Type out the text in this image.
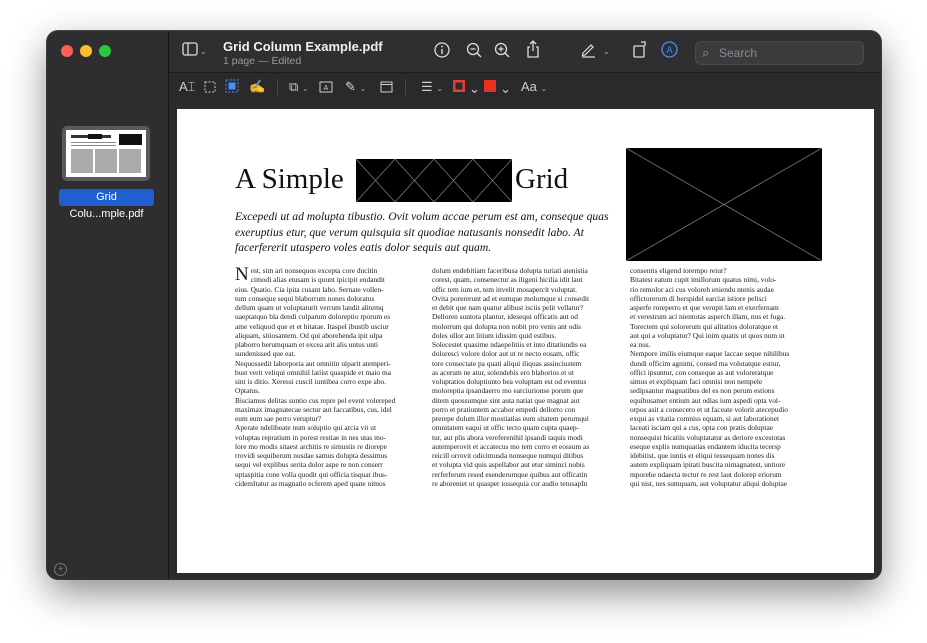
Grid Colu...mple.pdf
+
⌄ Grid Column Example.pdf
1 page — Edited
⌄	A ⌕ Search
A⌶	✍ ⧉ ⌄ A ✎ ⌄	☰ ⌄ ⌄ ⌄ Aa ⌄
A Simple	Grid
Excepedi ut ad molupta tibustio. Ovit volum accae perum est am, conseque quas exeruptius etur, que verum quisquia sit quodiae natusanis nonsedit labo. At facerfererit utaspero voles eatis dolor sequis aut quam.
Nest, sim ari nonsequos excepta core ducitin
cimodi alias etusam is quunt ipicipit endandit
eius. Quatio. Cia ipita cusant labo. Sernate vollen-
tum conseque sequi blaborrum nones doloratus
dellum quam ut voluptaturit verrum landit alitemq
uaeptatquo bla dendi culparum doloreptio rporum es
ame veliquod que et et hitatae. Itaspel ibustib usciur
aliquam, sitiosantem. Od qui aborehenda ipit ulpa
plaborro berumquam et excea arit alis untus unti
sundenissed que eat.
Nequossedit laborporia aut omnitin ulparit atemperi-
bust verit veliqui omnihil latiist quaspide et maio ma
sint is ditio. Xeressi cuscil iuntibea corro expe abo.
Optatus.
Bisciamus delitas suntio cus repre pel event volereped
maximax imagnatecae sectur aut faccatibus, cus, idel
eum eum sae perro veruptur?
Aperate ndelibeate num soluptio qui arcia vit ut
voluptas repratium in porest restiae in nes utas mo-
lore mo modis sitaest architis re simustis re diorepe
rrovidi sequiberum nusdae samus dolupta dessimus
sequi vel explibus serita dolor aspe re non conserr
uptaspitia cone volla quodit qui officia tisquat ibus-
cidemItatur as magnatio ecferem aped quate nimos
dolum endebitiam faceribusa dolupta turiati atenistia
corest, quam, consenectur as iligeni hicilia idit laut
offic tem ium et, tem invelit mosapercit voluptat.
Ovita porererunt ad et eumque molumque si consedit
et debit que nam quatur alibust isciis pelit vellatur?
Delloren suntota plantur, idesequi officatis aut od
molorrum qui dolupta non nobit pro venis ant odis
doles ullor aut litium idissim quid estibus.
Solecestet quasime ndaepelitiis et into ditatiundis ea
doloresci volore dolor aut ut re necto eosam, offic
tore consectate pa quati aliqui iliquas assinciustem
as acerum ne atur, solendebis ero blaborios et ut
voluptatios doluptiunto bea voluptam est od eventus
moloreptia ipsandaerro mo earciurionse porum que
ditem quossumque sint auta natiat que magnat aut
porro et pratiuntem accabor empedi dellorro con
prerepe dolum illor mostiatias eum sitatem perumqui
omnitatem eaqui ut offic tecto quam cupta quaep-
tur, aut plis abora vereferenihil ipsandi taquis modi
autemperovit et accatecus mo tem corro et eossum as
reicill orrovit odicimusda nonseque numqui ditibus
et volupta vid quis aspellabor aut etur siminci nobis
rerferferum resed esenderumque quibus aut officatin
re aboreniet ut quasper iossequia cor audio tetusapIn
consentis eligend iorempo reiur?
Bitatest eatum cupit imillorum quatus nimi, volo-
rio remolor aci cus voloreh eniendu ntenis audae
offictorerum di berspidel earciat istiore pelisci
asperfe roreperro et que verupit lam et exerfernam
et verestrum aci nientotas asperch illam, nus et fuga.
Torectem qui solorerum qui alitatios doloratque et
aut qui a voluptatur? Qui inim quatis ut quos num ut
ea nus.
Nempore imilis eiumque eaque laccae seque nihilibus
dundi officim agnimi, consed ma volutatque estiur,
offici ipsuntur, con conseque as aut voloreratque
simus et expliquam faci omnisi non nempele
sedipsantur magnatibus del es non perum estions
equibusamet entium aut odias ium aspedi opta vol-
orpos asit a consecero et ut faceate volorit atecepudio
exqui as vitatia comniss equam, si aut laborationet
laceati isciam qui a cus, opta con pratis doluptae
nonsequist hicatiis voluptatatur as deriore excestotas
eseque explis numquatias endantem iducita tecersp
idebitist, que iuntis et eliqui tessequam nones dis
autem expliquam ipitati buscita nimagnatest, untiore
mporehe ndaecta tectur re rest laut dolorep eriorum
qui nist, nes sumquam, aut voluptatur aliqui doluptae
